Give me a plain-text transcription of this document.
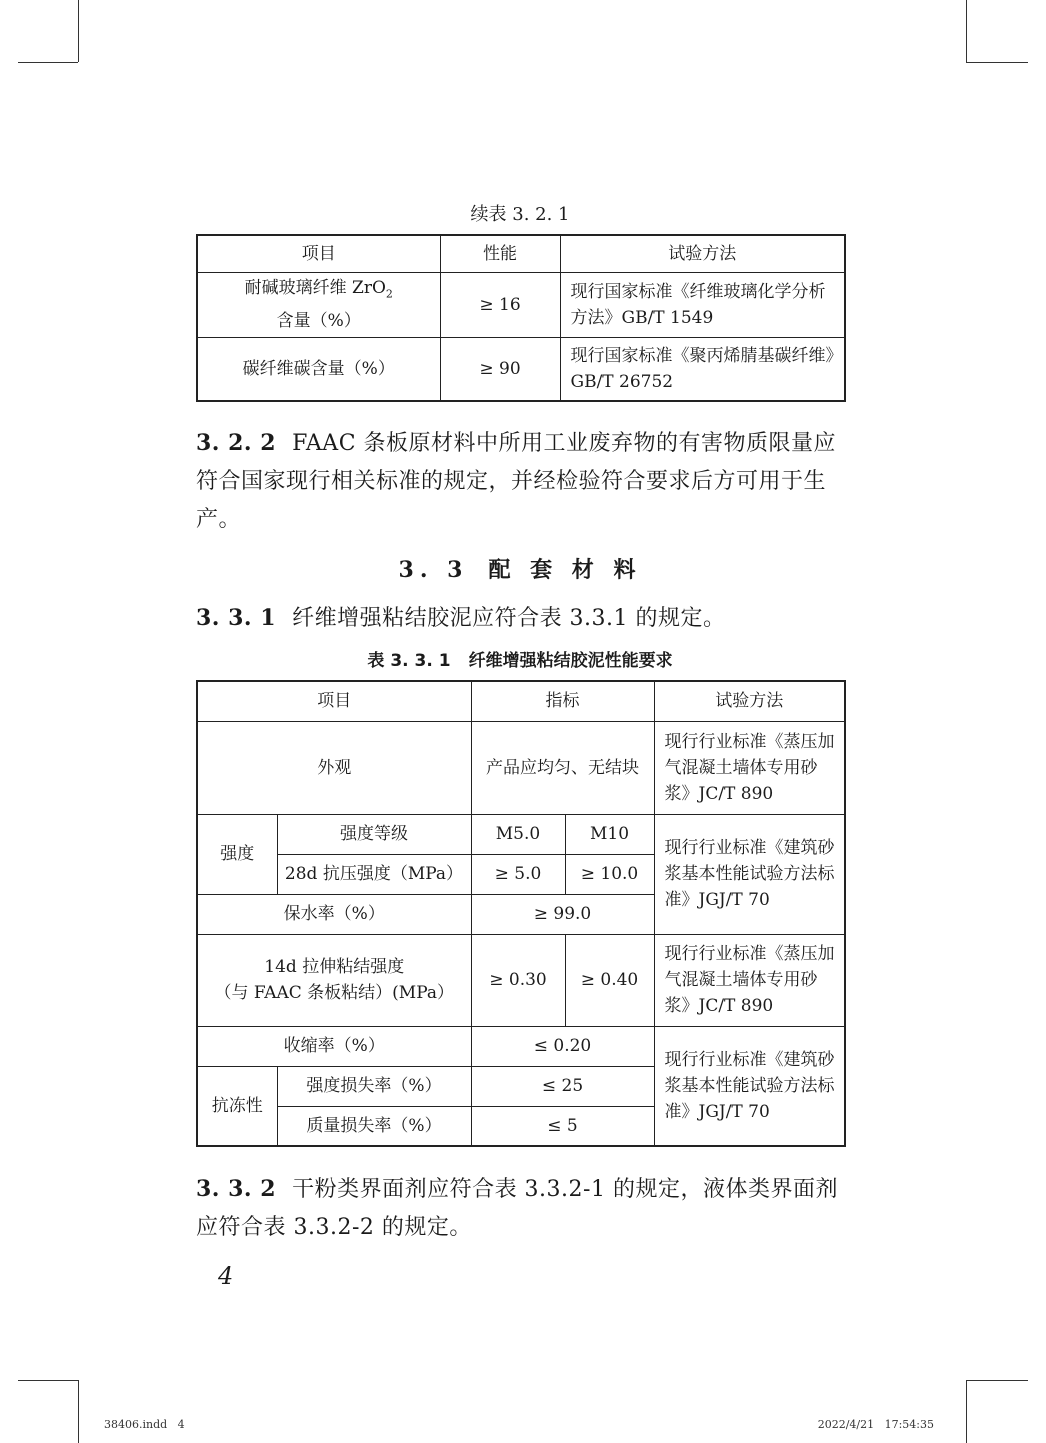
续表 3. 2. 1
项目	性能	试验方法
耐碱玻璃纤维 ZrO$_2$ 含量（%）	≥ 16	现行国家标准《纤维玻璃化学分析方法》GB/T 1549
碳纤维碳含量（%）	≥ 90	现行国家标准《聚丙烯腈基碳纤维》GB/T 26752
3. 2. 2 FAAC 条板原材料中所用工业废弃物的有害物质限量应符合国家现行相关标准的规定，并经检验符合要求后方可用于生产。
3. 3 配 套 材 料
3. 3. 1 纤维增强粘结胶泥应符合表 3.3.1 的规定。
表 3. 3. 1 纤维增强粘结胶泥性能要求
项目		指标		试验方法
外观		产品应均匀、无结块		现行行业标准《蒸压加气混凝土墙体专用砂浆》JC/T 890
强度	强度等级	M5.0	M10	现行行业标准《建筑砂浆基本性能试验方法标准》JGJ/T 70
	28d 抗压强度（MPa）	≥ 5.0	≥ 10.0	
保水率（%）		≥ 99.0		

14d 拉伸粘结强度
（与 FAAC 条板粘结）(MPa）		≥ 0.30	≥ 0.40	现行行业标准《蒸压加气混凝土墙体专用砂浆》JC/T 890
收缩率（%）		≤ 0.20		现行行业标准《建筑砂浆基本性能试验方法标准》JGJ/T 70
抗冻性	强度损失率（%）	≤ 25		
	质量损失率（%）	≤ 5		
3. 3. 2 干粉类界面剂应符合表 3.3.2-1 的规定，液体类界面剂应符合表 3.3.2-2 的规定。
4
38406.indd   4	2022/4/21   17:54:35
